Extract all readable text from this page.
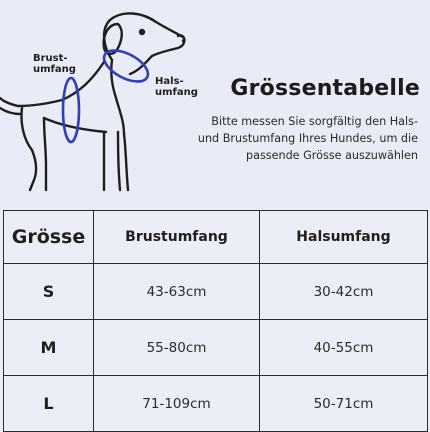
Brust-
umfang
Hals-
umfang	Grössentabelle
Bitte messen Sie sorgfältig den Hals- und Brustumfang Ihres Hundes, um die passende Grösse auszuwählen
Grösse	Brustumfang	Halsumfang
S	43-63cm	30-42cm
M	55-80cm	40-55cm
L	71-109cm	50-71cm
